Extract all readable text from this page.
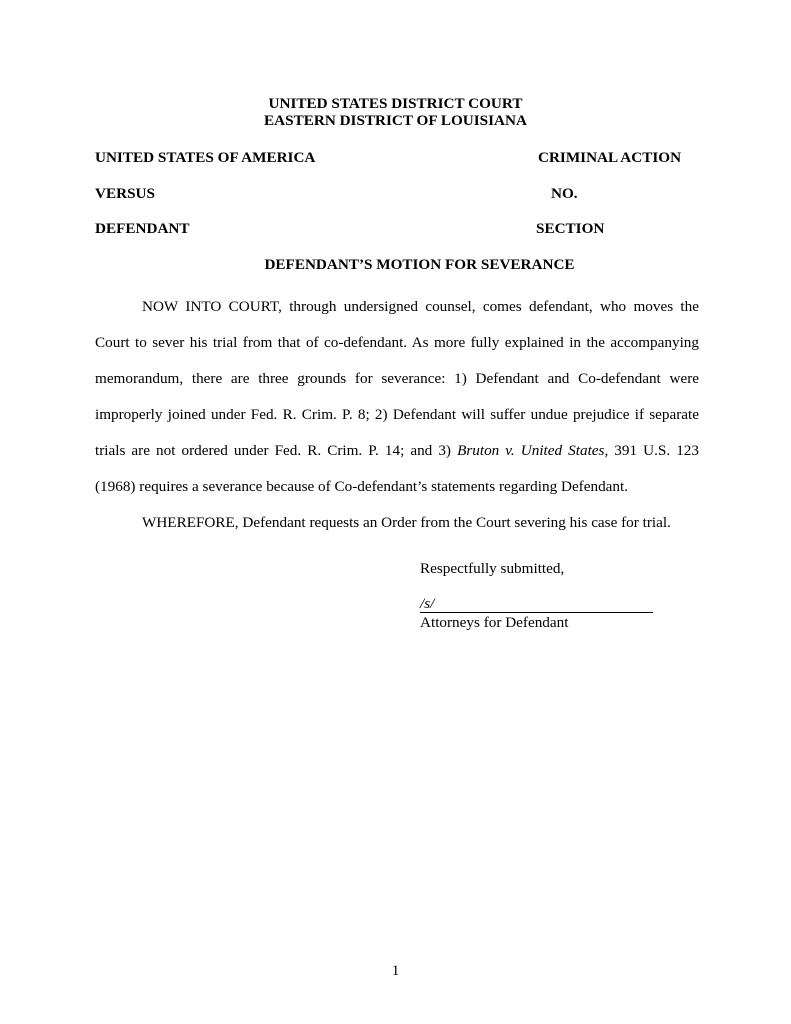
UNITED STATES DISTRICT COURT
EASTERN DISTRICT OF LOUISIANA
UNITED STATES OF AMERICA	CRIMINAL ACTION
VERSUS	NO.
DEFENDANT	SECTION
DEFENDANT’S MOTION FOR SEVERANCE

NOW INTO COURT, through undersigned counsel, comes defendant, who moves the Court to sever his trial from that of co-defendant. As more fully explained in the accompanying memorandum, there are three grounds for severance: 1) Defendant and Co-defendant were improperly joined under Fed. R. Crim. P. 8; 2) Defendant will suffer undue prejudice if separate trials are not ordered under Fed. R. Crim. P. 14; and 3) Bruton v. United States, 391 U.S. 123 (1968) requires a severance because of Co-defendant’s statements regarding Defendant.

WHEREFORE, Defendant requests an Order from the Court severing his case for trial.

Respectfully submitted,
/s/
Attorneys for Defendant
1
